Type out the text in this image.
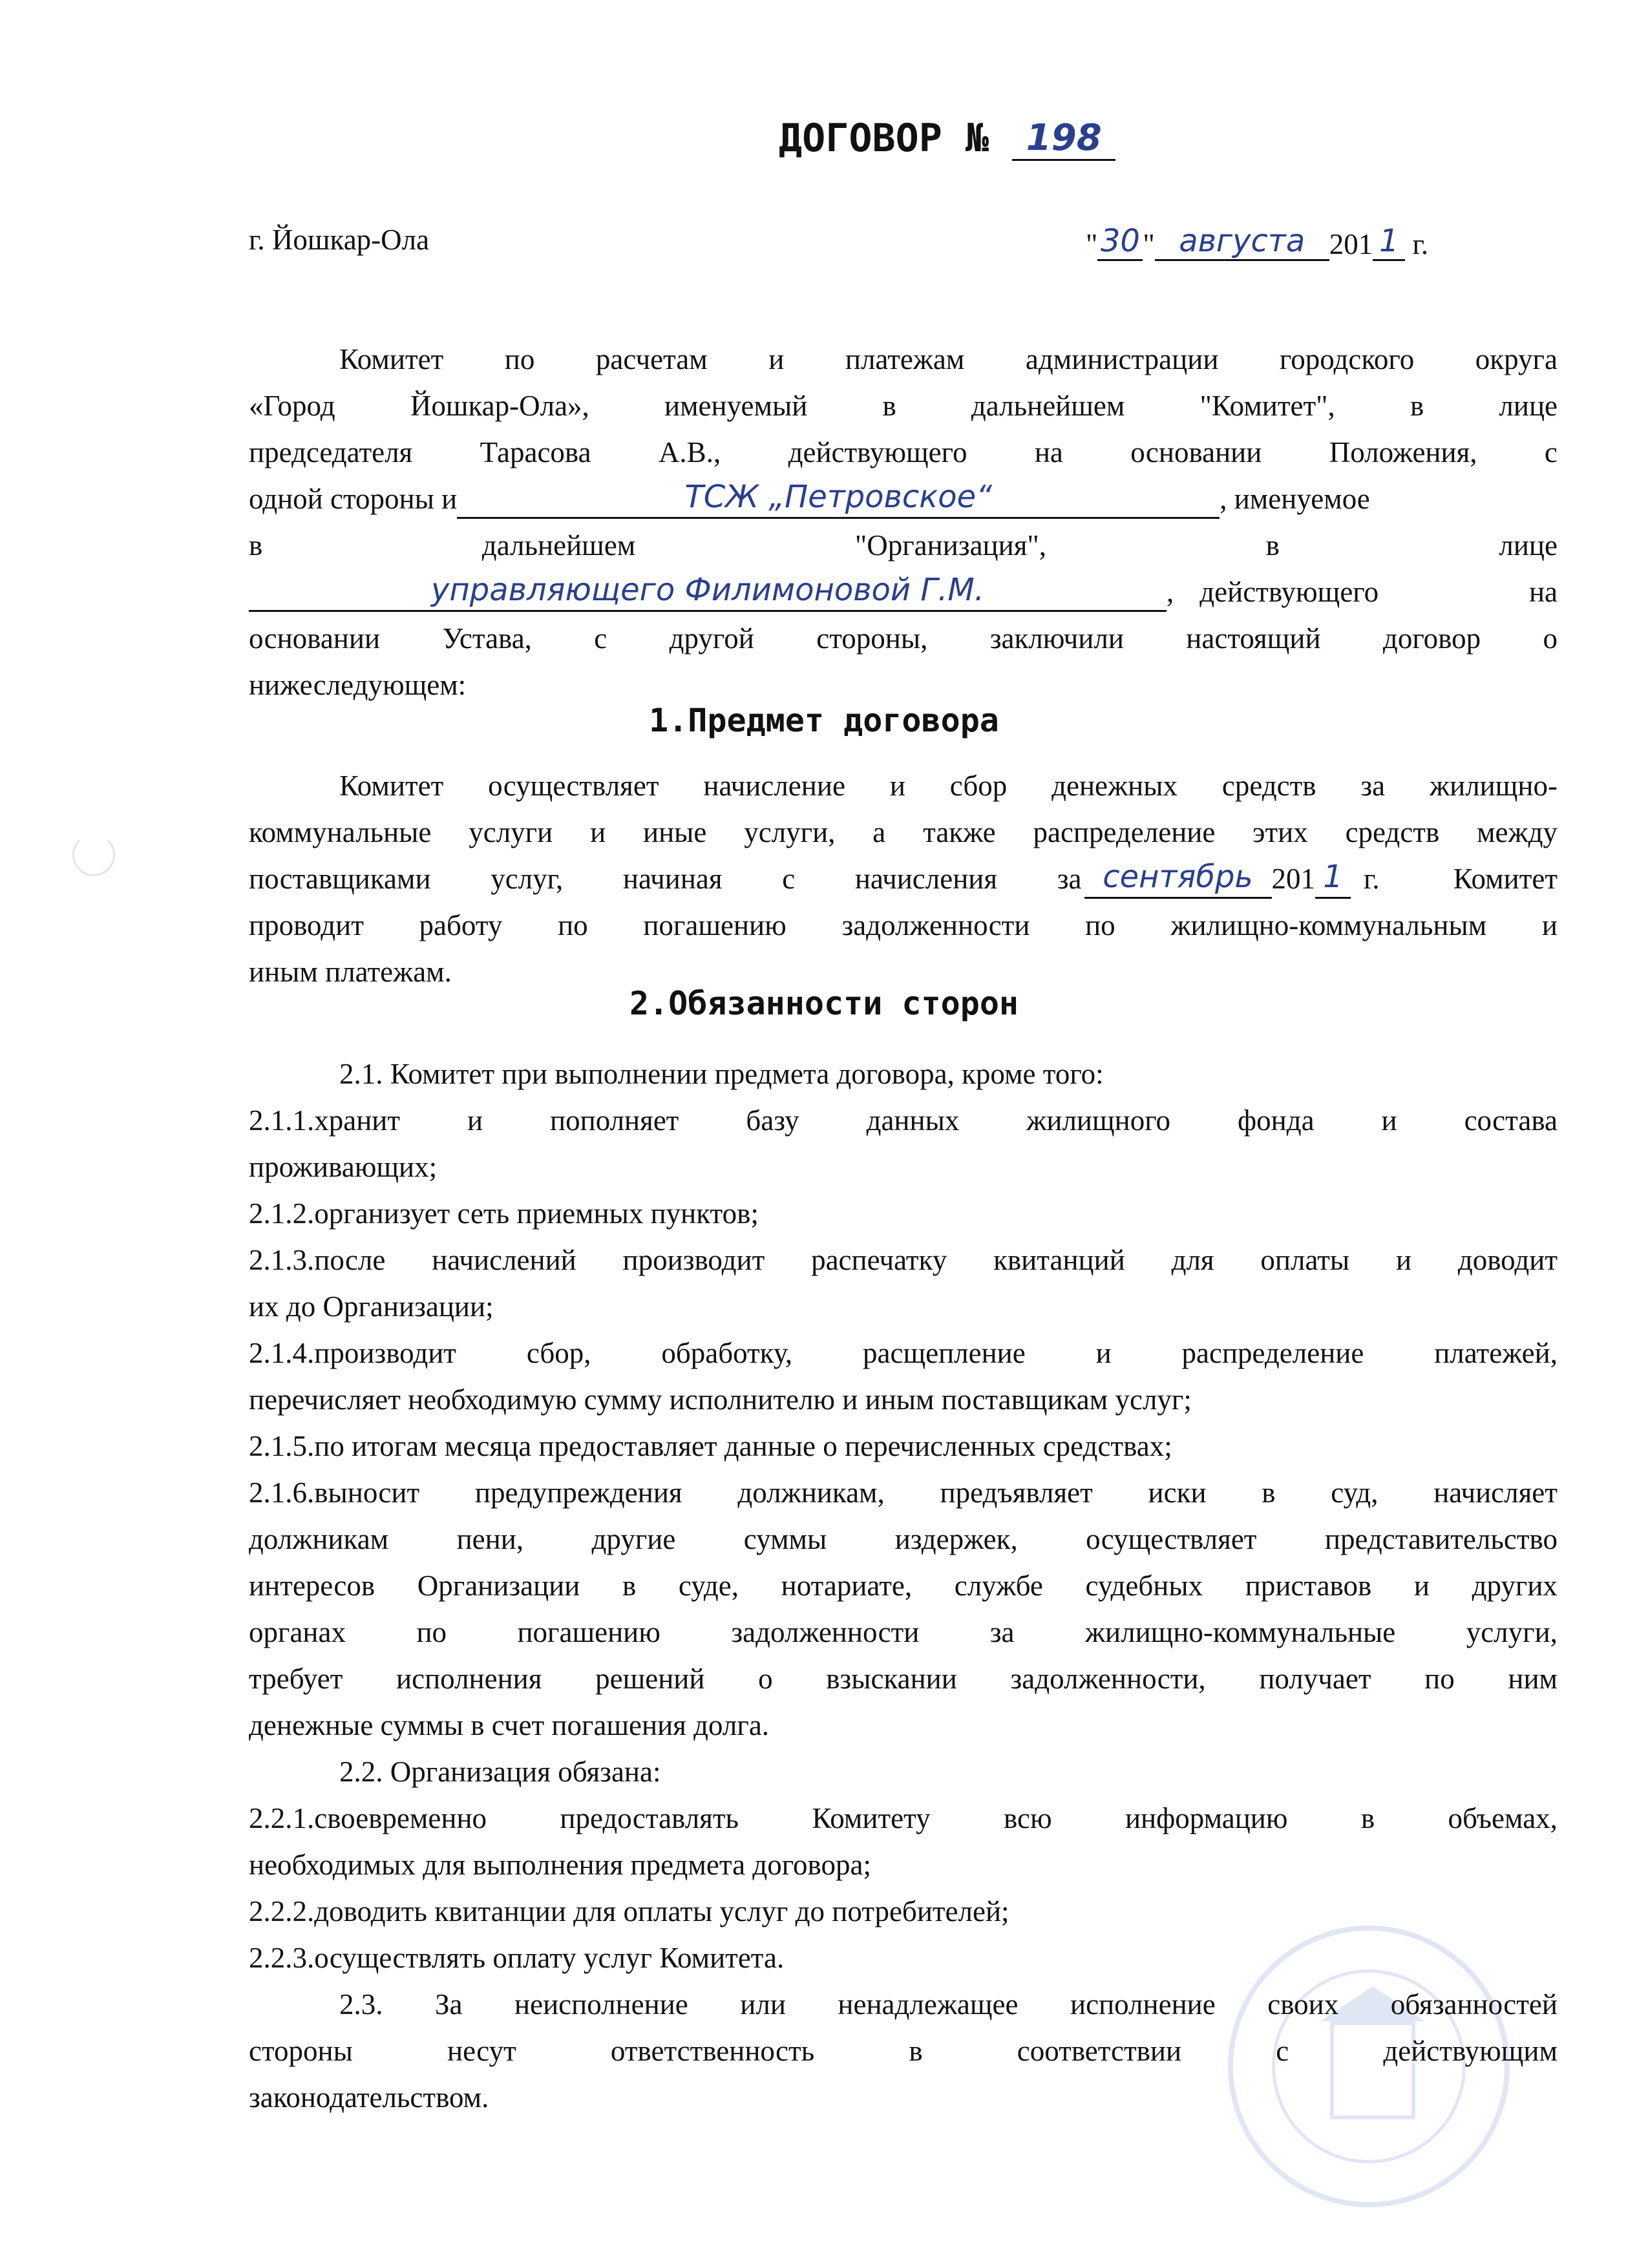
ДОГОВОР №	198
г. Йошкар-Ола	" 30 " августа 201 1 г.
Комитет по расчетам и платежам администрации городского округа
«Город	Йошкар-Ола»,	именуемый	в	дальнейшем	"Комитет",	в	лице
председателя Тарасова А.В., действующего на основании Положения, с
одной стороны и	ТСЖ „Петровское“	, именуемое
в	дальнейшем	"Организация",	в	лице
управляющего Филимоновой Г.М.	, действующего	на
основании Устава, с другой стороны, заключили настоящий договор о
нижеследующем:
1.Предмет договора
Комитет осуществляет начисление и сбор денежных средств за жилищно-
коммунальные услуги и иные услуги, а также распределение этих средств между
поставщиками услуг, начиная с начисления за сентябрь 201 1 г.	Комитет
проводит работу по погашению задолженности по жилищно-коммунальным и
иным платежам.
2.Обязанности сторон
2.1. Комитет при выполнении предмета договора, кроме того:
2.1.1.хранит и пополняет базу данных жилищного фонда и состава
проживающих;
2.1.2.организует сеть приемных пунктов;
2.1.3.после начислений производит распечатку квитанций для оплаты и доводит
их до Организации;
2.1.4.производит сбор, обработку, расщепление и распределение платежей,
перечисляет необходимую сумму исполнителю и иным поставщикам услуг;
2.1.5.по итогам месяца предоставляет данные о перечисленных средствах;
2.1.6.выносит предупреждения должникам, предъявляет иски в суд, начисляет
должникам пени, другие суммы издержек, осуществляет представительство
интересов Организации в суде, нотариате, службе судебных приставов и других
органах по погашению задолженности за жилищно-коммунальные услуги,
требует исполнения решений о взыскании задолженности, получает по ним
денежные суммы в счет погашения долга.
2.2. Организация обязана:
2.2.1.своевременно	предоставлять	Комитету	всю	информацию	в	объемах,
необходимых для выполнения предмета договора;
2.2.2.доводить квитанции для оплаты услуг до потребителей;
2.2.3.осуществлять оплату услуг Комитета.
2.3. За неисполнение или ненадлежащее исполнение своих обязанностей
стороны	несут	ответственность	в	соответствии	с	действующим
законодательством.
